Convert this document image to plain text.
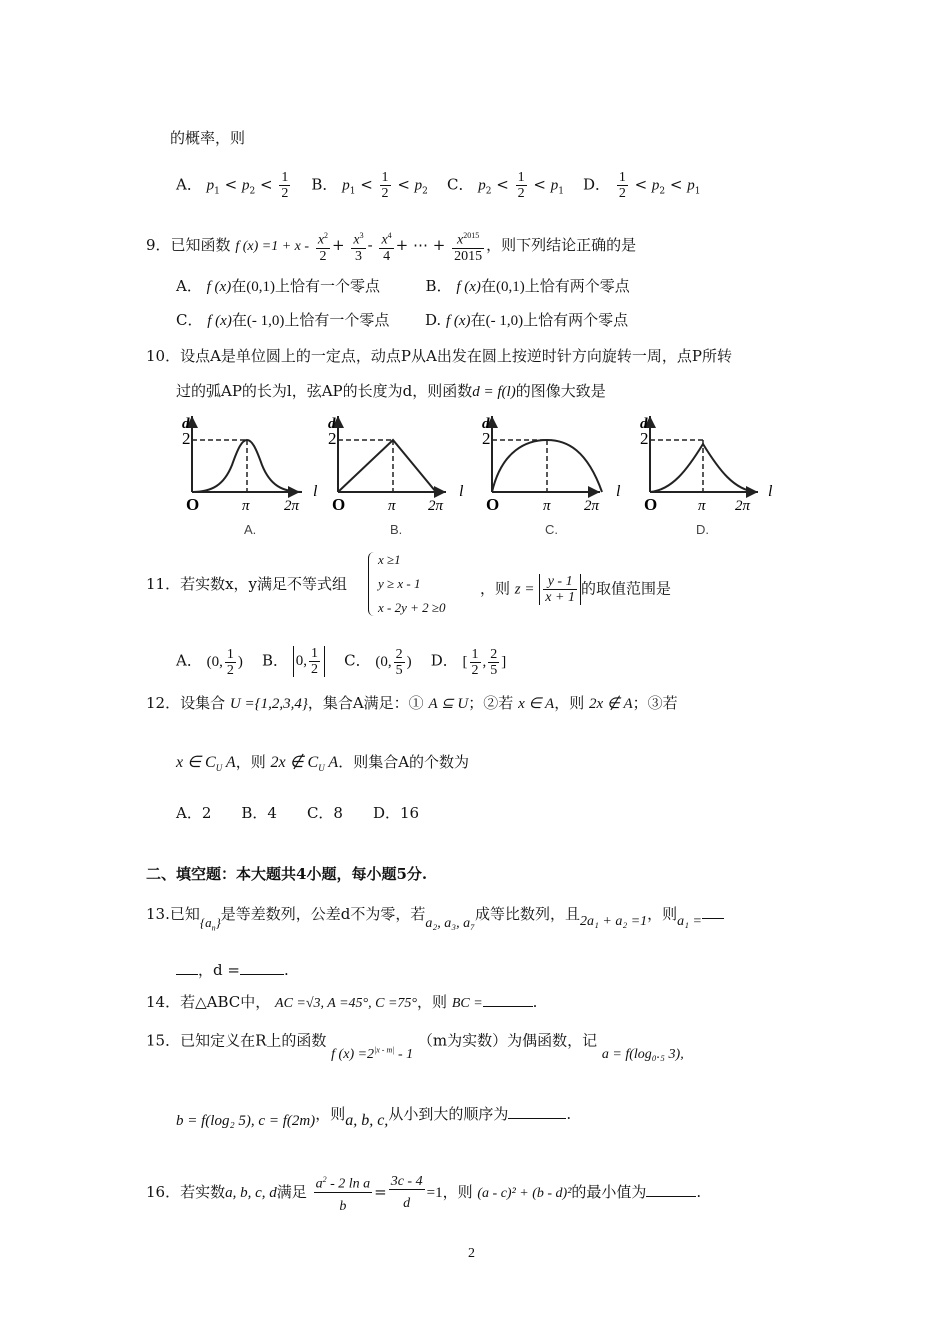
的概率，则
A． $p_1 < p_2 < \frac{1}{2}$ B． $p_1 < \frac{1}{2} < p_2$ C． $p_2 < \frac{1}{2} < p_1$ D． $\frac{1}{2} < p_2 < p_1$
9．已知函数 f $(x) =1 + x - \frac{x^2}{2} + \frac{x^3}{3} - \frac{x^4}{4}$ + ⋯ + $\frac{x^{2015}}{2015}$ ，则下列结论正确的是
A． f (x)在(0,1)上恰有一个零点	B． f (x)在(0,1)上恰有两个零点
C． f (x)在(- 1,0)上恰有一个零点 D. f (x)在(- 1,0)上恰有两个零点
10．设点A是单位圆上的一定点，动点P从A出发在圆上按逆时针方向旋转一周，点P所转
过的弧AP的长为l，弦AP的长度为d，则函数d = f(l)的图像大致是
2
d
O	π 2π
l
A.
2
d
O	π 2π
l
B.
2
d
O	π 2π
l
C.
2
d
O	π 2π
l
D.
11．若实数x，y满足不等式组
x ≥1
y ≥ x - 1
x - 2y + 2 ≥0
，则 $z = \frac{y - 1}{x + 1}$ 的取值范围是
A． (0, $\frac{1}{2}$ ) B． 0, $\frac{1}{2}$ C． (0, $\frac{2}{5}$ ) D． [ $\frac{1}{2}$ , $\frac{2}{5}$ ]
12．设集合 U ={1,2,3,4}，集合A满足：① A ⊆ U；②若 x ∈ A，则 2x ∉ A；③若
x ∈ $C_U$ A，则 2x ∉ $C_U$ A．则集合A的个数为
A．2　　B．4　　C．8　　D．16
二、填空题：本大题共4小题，每小题5分.
13.已知$\{a_n\}$是等差数列，公差d不为零，若a₂, a₃, a₇成等比数列，且2a₁ + a₂ =1，则a₁ =
，d =	.
14．若△ABC中， AC =√3, A =45°, C =75°，则 BC =	.
15．已知定义在R上的函数 f $(x) =2^{|x - m|} - 1$ （m为实数）为偶函数，记 a = f(log₀.₅ 3),
b = f(log₂ 5), c = f(2m)，则a, b, c,从小到大的顺序为	.
16．若实数a, b, c, d满足 $\frac{a^2 - 2 \ln a}{b} = \frac{3c - 4}{d} =1$，则 (a - c)² + (b - d)²的最小值为	.
2
